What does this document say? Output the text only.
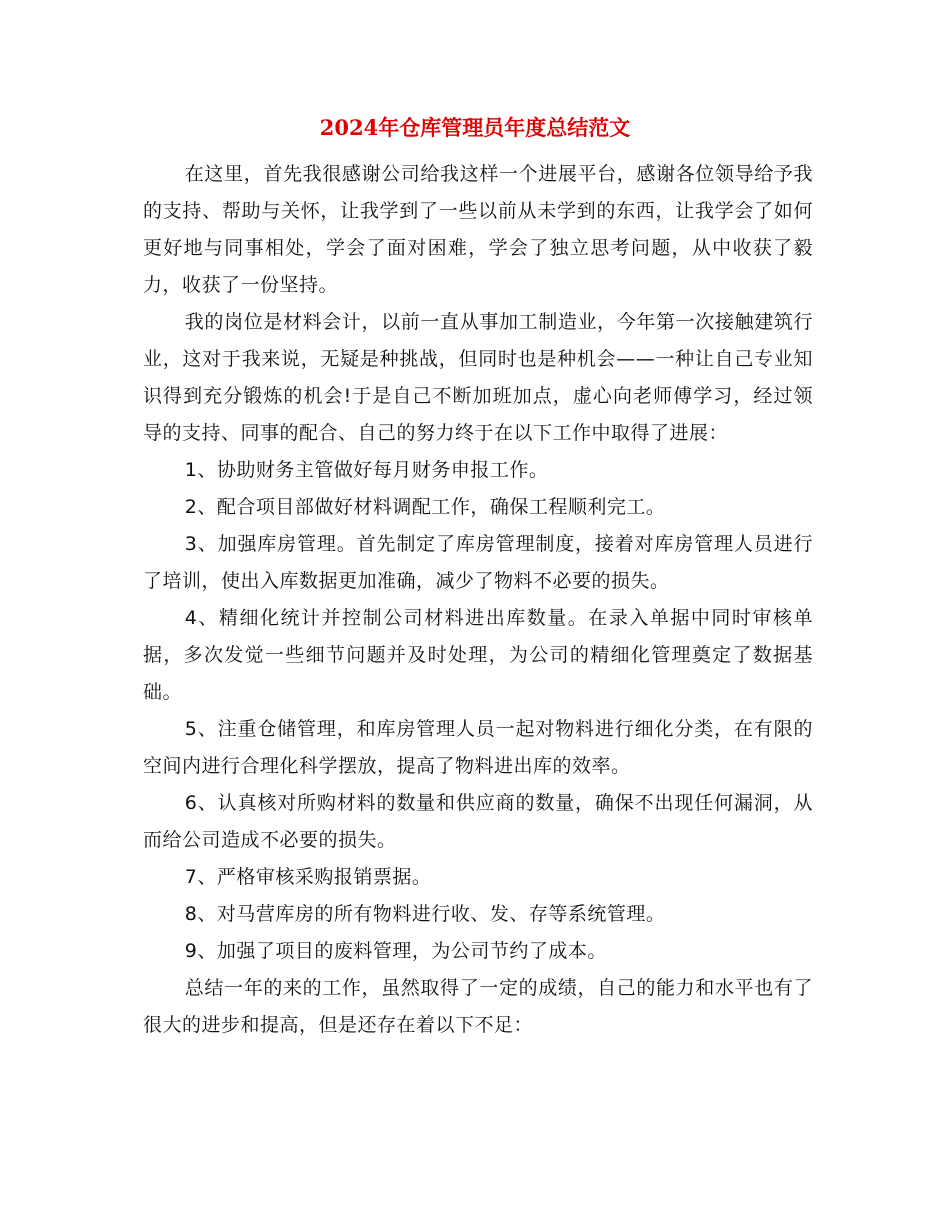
2024年仓库管理员年度总结范文

在这里，首先我很感谢公司给我这样一个进展平台，感谢各位领导给予我的支持、帮助与关怀，让我学到了一些以前从未学到的东西，让我学会了如何更好地与同事相处，学会了面对困难，学会了独立思考问题，从中收获了毅力，收获了一份坚持。

我的岗位是材料会计，以前一直从事加工制造业，今年第一次接触建筑行业，这对于我来说，无疑是种挑战，但同时也是种机会——一种让自己专业知识得到充分锻炼的机会!于是自己不断加班加点，虚心向老师傅学习，经过领导的支持、同事的配合、自己的努力终于在以下工作中取得了进展：

1、协助财务主管做好每月财务申报工作。

2、配合项目部做好材料调配工作，确保工程顺利完工。

3、加强库房管理。首先制定了库房管理制度，接着对库房管理人员进行了培训，使出入库数据更加准确，减少了物料不必要的损失。

4、精细化统计并控制公司材料进出库数量。在录入单据中同时审核单据，多次发觉一些细节问题并及时处理，为公司的精细化管理奠定了数据基础。

5、注重仓储管理，和库房管理人员一起对物料进行细化分类，在有限的空间内进行合理化科学摆放，提高了物料进出库的效率。

6、认真核对所购材料的数量和供应商的数量，确保不出现任何漏洞，从而给公司造成不必要的损失。

7、严格审核采购报销票据。

8、对马营库房的所有物料进行收、发、存等系统管理。

9、加强了项目的废料管理，为公司节约了成本。

总结一年的来的工作，虽然取得了一定的成绩，自己的能力和水平也有了很大的进步和提高，但是还存在着以下不足：
